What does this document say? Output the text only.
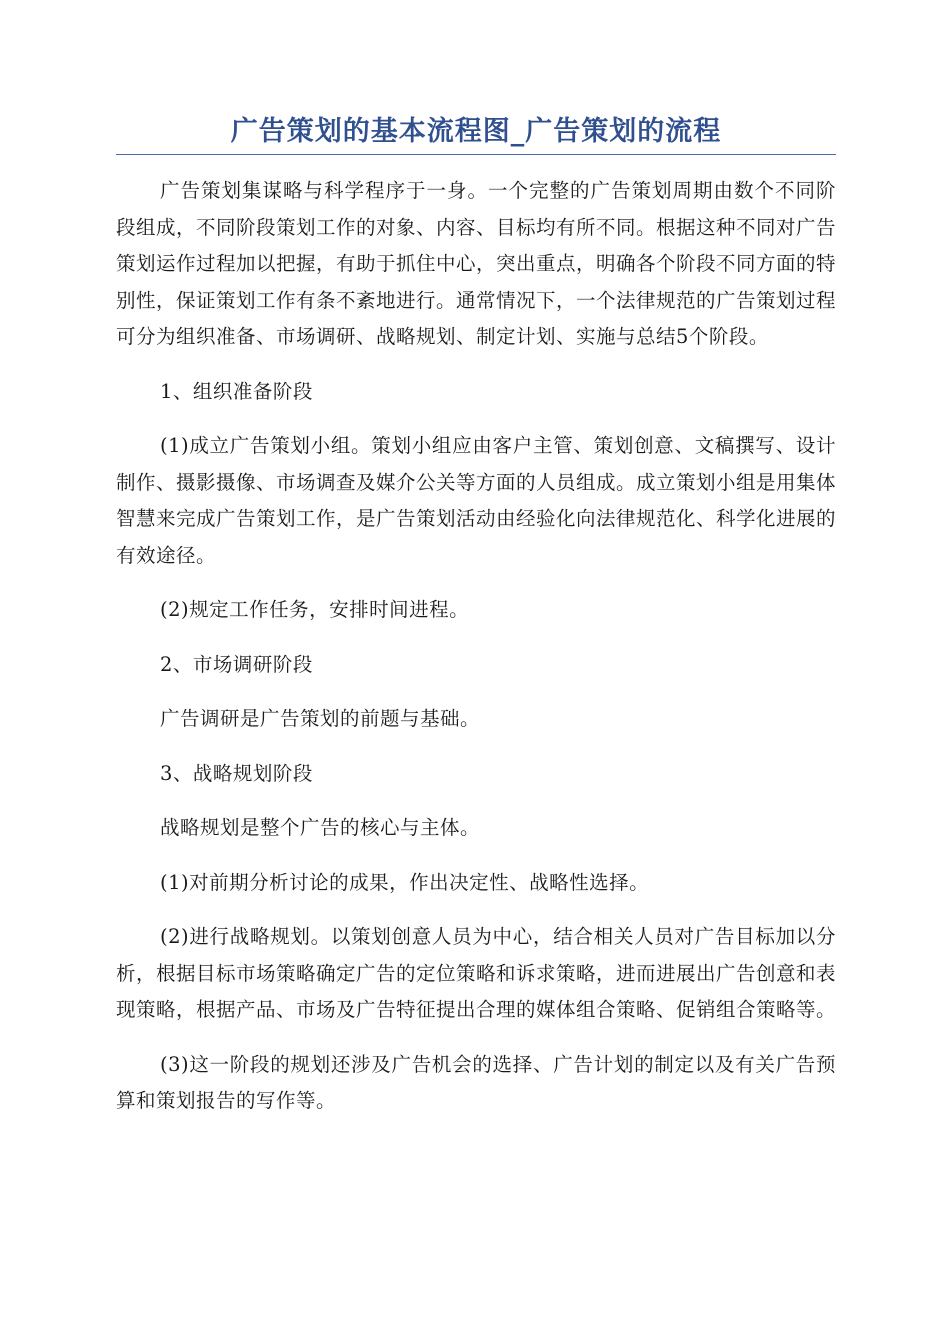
广告策划的基本流程图_广告策划的流程

广告策划集谋略与科学程序于一身。一个完整的广告策划周期由数个不同阶段组成，不同阶段策划工作的对象、内容、目标均有所不同。根据这种不同对广告策划运作过程加以把握，有助于抓住中心，突出重点，明确各个阶段不同方面的特别性，保证策划工作有条不紊地进行。通常情况下，一个法律规范的广告策划过程可分为组织准备、市场调研、战略规划、制定计划、实施与总结5个阶段。

1、组织准备阶段

(1)成立广告策划小组。策划小组应由客户主管、策划创意、文稿撰写、设计制作、摄影摄像、市场调查及媒介公关等方面的人员组成。成立策划小组是用集体智慧来完成广告策划工作，是广告策划活动由经验化向法律规范化、科学化进展的有效途径。

(2)规定工作任务，安排时间进程。

2、市场调研阶段

广告调研是广告策划的前题与基础。

3、战略规划阶段

战略规划是整个广告的核心与主体。

(1)对前期分析讨论的成果，作出决定性、战略性选择。

(2)进行战略规划。以策划创意人员为中心，结合相关人员对广告目标加以分析，根据目标市场策略确定广告的定位策略和诉求策略，进而进展出广告创意和表现策略，根据产品、市场及广告特征提出合理的媒体组合策略、促销组合策略等。

(3)这一阶段的规划还涉及广告机会的选择、广告计划的制定以及有关广告预算和策划报告的写作等。
